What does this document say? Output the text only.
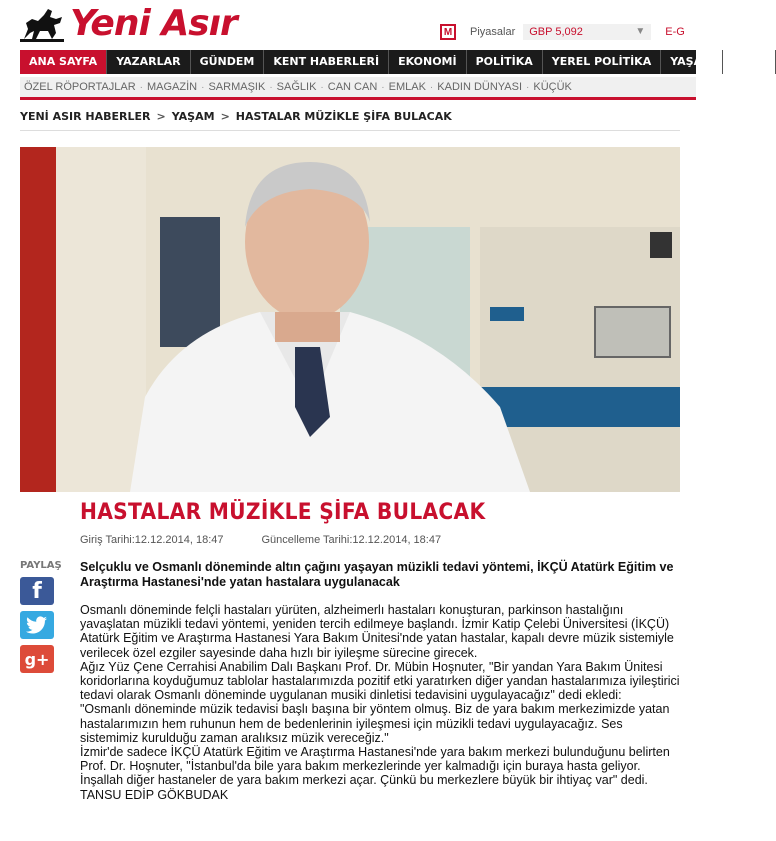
Yeni Asır	M	Piyasalar	GBP 5,092	▼ E-G
ANA SAYFA	YAZARLAR	GÜNDEM	KENT HABERLERİ	EKONOMİ	POLİTİKA	YEREL POLİTİKA	YAŞAM	SPOR
ÖZEL RÖPORTAJLAR · MAGAZİN · SARMAŞIK · SAĞLIK · CAN CAN · EMLAK · KADIN DÜNYASI · KÜÇÜK
YENİ ASIR HABERLER > YAŞAM > HASTALAR MÜZİKLE ŞİFA BULACAK
HASTALAR MÜZİKLE ŞİFA BULACAK
Giriş Tarihi:12.12.2014, 18:47	Güncelleme Tarihi:12.12.2014, 18:47
PAYLAŞ
f
g+
Selçuklu ve Osmanlı döneminde altın çağını yaşayan müzikli tedavi yöntemi, İKÇÜ Atatürk Eğitim ve Araştırma Hastanesi'nde yatan hastalara uygulanacak

Osmanlı döneminde felçli hastaları yürüten, alzheimerlı hastaları konuşturan, parkinson hastalığını yavaşlatan müzikli tedavi yöntemi, yeniden tercih edilmeye başlandı. İzmir Katip Çelebi Üniversitesi (İKÇÜ) Atatürk Eğitim ve Araştırma Hastanesi Yara Bakım Ünitesi'nde yatan hastalar, kapalı devre müzik sistemiyle verilecek özel ezgiler sayesinde daha hızlı bir iyileşme sürecine girecek.

Ağız Yüz Çene Cerrahisi Anabilim Dalı Başkanı Prof. Dr. Mübin Hoşnuter, "Bir yandan Yara Bakım Ünitesi koridorlarına koyduğumuz tablolar hastalarımızda pozitif etki yaratırken diğer yandan hastalarımıza iyileştirici tedavi olarak Osmanlı döneminde uygulanan musiki dinletisi tedavisini uygulayacağız" dedi ekledi:

"Osmanlı döneminde müzik tedavisi başlı başına bir yöntem olmuş. Biz de yara bakım merkezimizde yatan hastalarımızın hem ruhunun hem de bedenlerinin iyileşmesi için müzikli tedavi uygulayacağız. Ses sistemimiz kurulduğu zaman aralıksız müzik vereceğiz."

İzmir'de sadece İKÇÜ Atatürk Eğitim ve Araştırma Hastanesi'nde yara bakım merkezi bulunduğunu belirten Prof. Dr. Hoşnuter, "İstanbul'da bile yara bakım merkezlerinde yer kalmadığı için buraya hasta geliyor. İnşallah diğer hastaneler de yara bakım merkezi açar. Çünkü bu merkezlere büyük bir ihtiyaç var" dedi.

TANSU EDİP GÖKBUDAK
